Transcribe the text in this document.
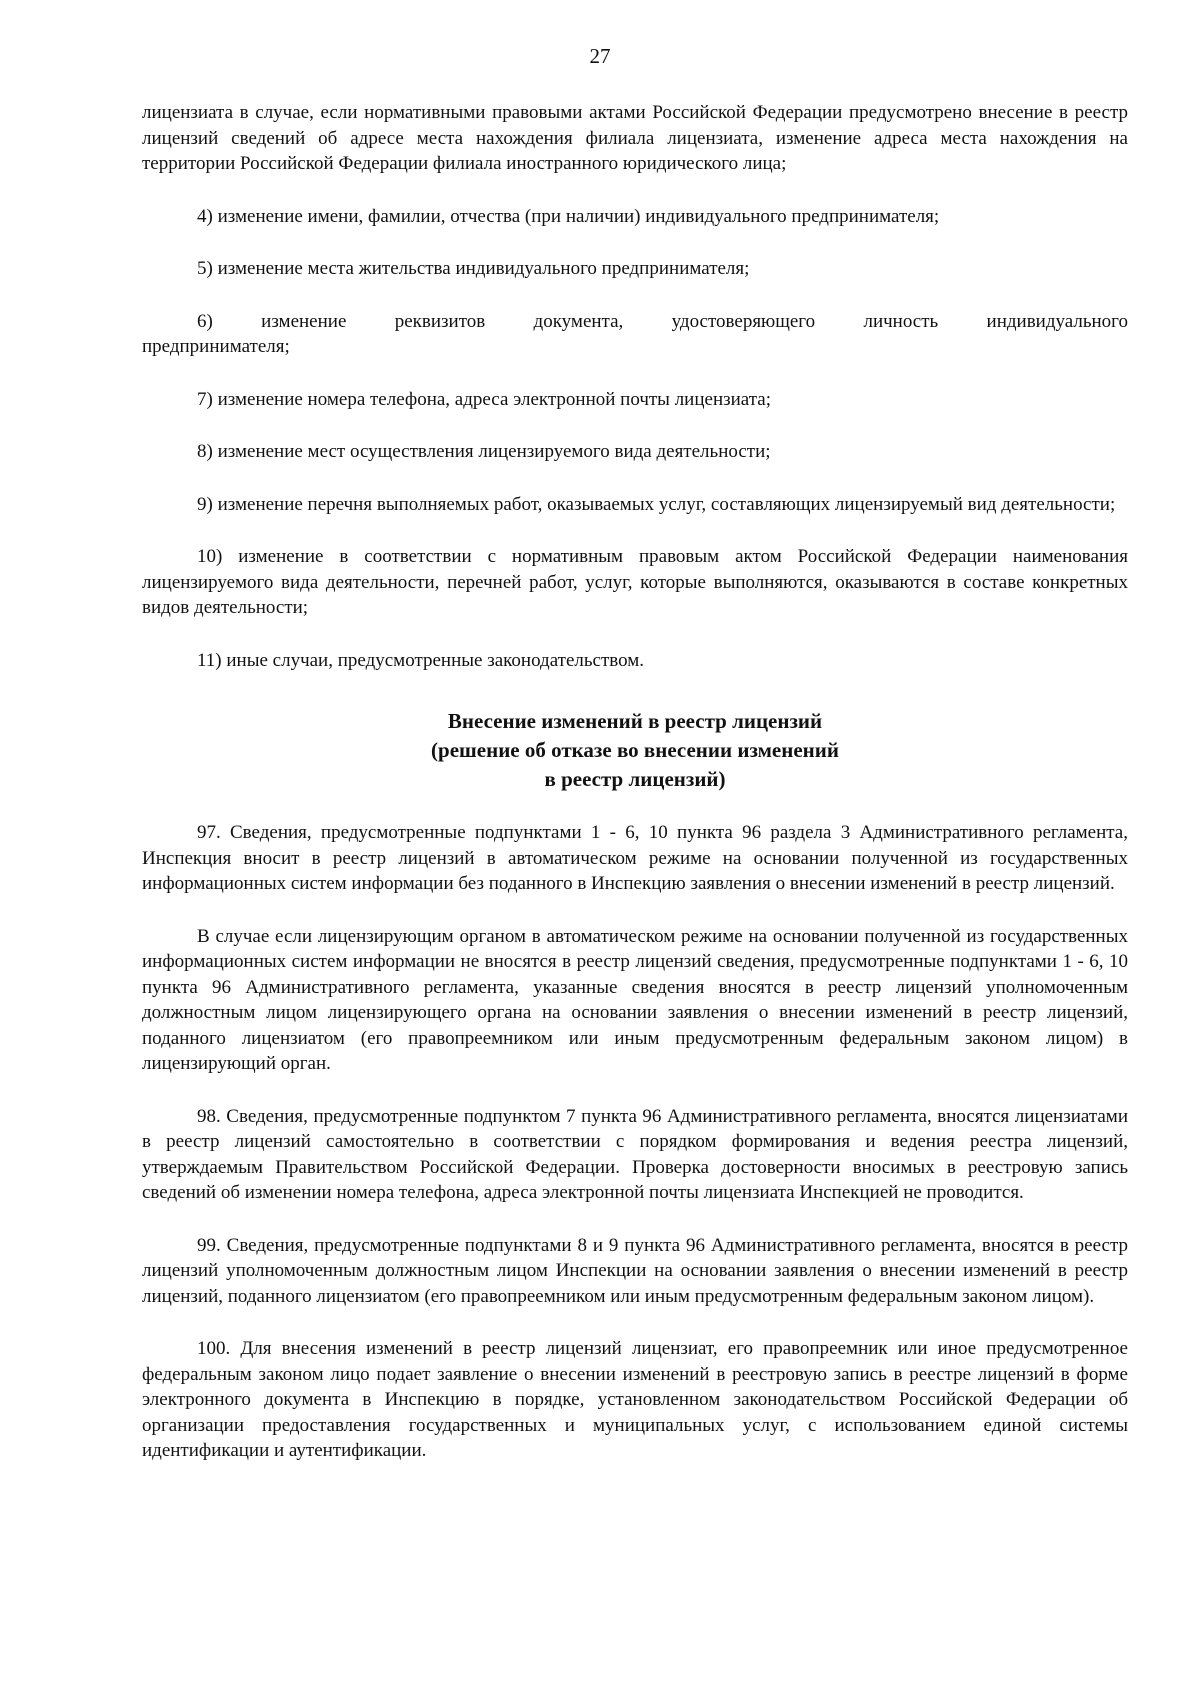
27

лицензиата в случае, если нормативными правовыми актами Российской Федерации предусмотрено внесение в реестр лицензий сведений об адресе места нахождения филиала лицензиата, изменение адреса места нахождения на территории Российской Федерации филиала иностранного юридического лица;

4) изменение имени, фамилии, отчества (при наличии) индивидуального предпринимателя;

5) изменение места жительства индивидуального предпринимателя;

6) изменение реквизитов документа, удостоверяющего личность индивидуального

предпринимателя;

7) изменение номера телефона, адреса электронной почты лицензиата;

8) изменение мест осуществления лицензируемого вида деятельности;

9) изменение перечня выполняемых работ, оказываемых услуг, составляющих лицензируемый вид деятельности;

10) изменение в соответствии с нормативным правовым актом Российской Федерации наименования лицензируемого вида деятельности, перечней работ, услуг, которые выполняются, оказываются в составе конкретных видов деятельности;

11) иные случаи, предусмотренные законодательством.

Внесение изменений в реестр лицензий
(решение об отказе во внесении изменений
в реестр лицензий)

97. Сведения, предусмотренные подпунктами 1 - 6, 10 пункта 96 раздела 3 Административного регламента, Инспекция вносит в реестр лицензий в автоматическом режиме на основании полученной из государственных информационных систем информации без поданного в Инспекцию заявления о внесении изменений в реестр лицензий.

В случае если лицензирующим органом в автоматическом режиме на основании полученной из государственных информационных систем информации не вносятся в реестр лицензий сведения, предусмотренные подпунктами 1 - 6, 10 пункта 96 Административного регламента, указанные сведения вносятся в реестр лицензий уполномоченным должностным лицом лицензирующего органа на основании заявления о внесении изменений в реестр лицензий, поданного лицензиатом (его правопреемником или иным предусмотренным федеральным законом лицом) в лицензирующий орган.

98. Сведения, предусмотренные подпунктом 7 пункта 96 Административного регламента, вносятся лицензиатами в реестр лицензий самостоятельно в соответствии с порядком формирования и ведения реестра лицензий, утверждаемым Правительством Российской Федерации. Проверка достоверности вносимых в реестровую запись сведений об изменении номера телефона, адреса электронной почты лицензиата Инспекцией не проводится.

99. Сведения, предусмотренные подпунктами 8 и 9 пункта 96 Административного регламента, вносятся в реестр лицензий уполномоченным должностным лицом Инспекции на основании заявления о внесении изменений в реестр лицензий, поданного лицензиатом (его правопреемником или иным предусмотренным федеральным законом лицом).

100. Для внесения изменений в реестр лицензий лицензиат, его правопреемник или иное предусмотренное федеральным законом лицо подает заявление о внесении изменений в реестровую запись в реестре лицензий в форме электронного документа в Инспекцию в порядке, установленном законодательством Российской Федерации об организации предоставления государственных и муниципальных услуг, с использованием единой системы идентификации и аутентификации.
